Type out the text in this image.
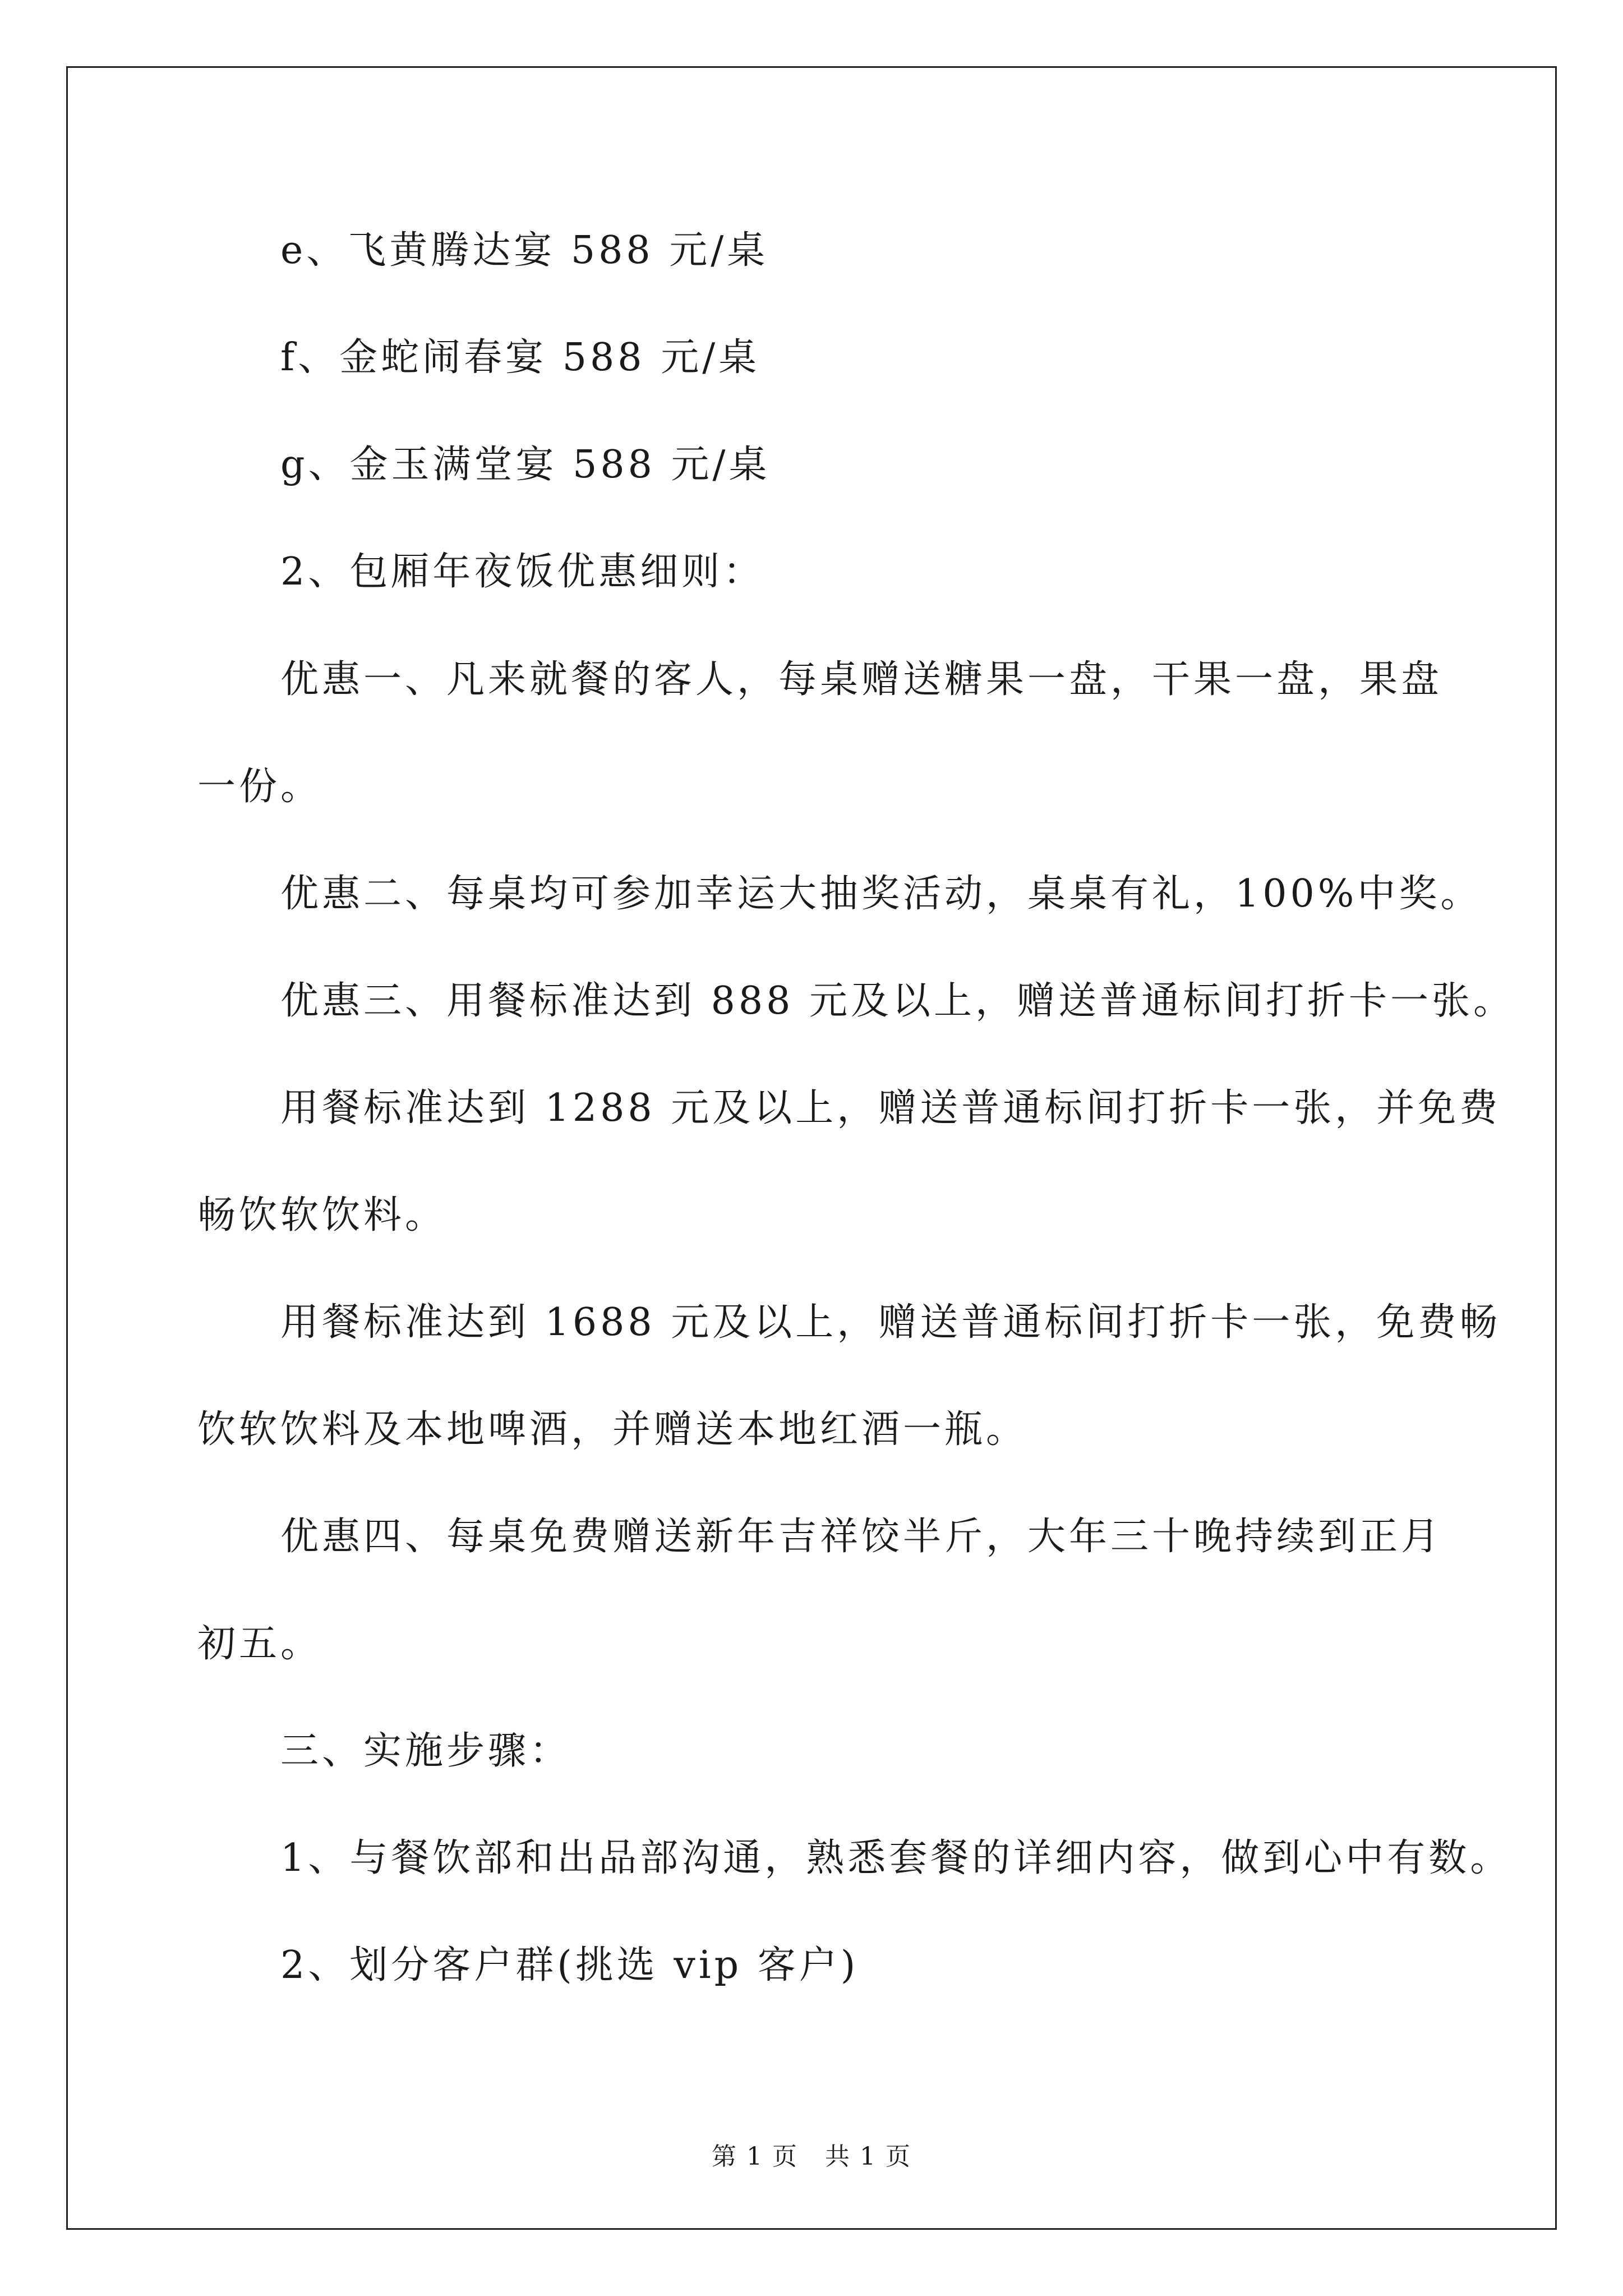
e、飞黄腾达宴 588 元/桌
f、金蛇闹春宴 588 元/桌
g、金玉满堂宴 588 元/桌
2、包厢年夜饭优惠细则：
优惠一、凡来就餐的客人，每桌赠送糖果一盘，干果一盘，果盘
一份。
优惠二、每桌均可参加幸运大抽奖活动，桌桌有礼，100%中奖。
优惠三、用餐标准达到 888 元及以上，赠送普通标间打折卡一张。
用餐标准达到 1288 元及以上，赠送普通标间打折卡一张，并免费
畅饮软饮料。
用餐标准达到 1688 元及以上，赠送普通标间打折卡一张，免费畅
饮软饮料及本地啤酒，并赠送本地红酒一瓶。
优惠四、每桌免费赠送新年吉祥饺半斤，大年三十晚持续到正月
初五。
三、实施步骤：
1、与餐饮部和出品部沟通，熟悉套餐的详细内容，做到心中有数。
2、划分客户群(挑选 vip 客户)
第 1 页 共 1 页
